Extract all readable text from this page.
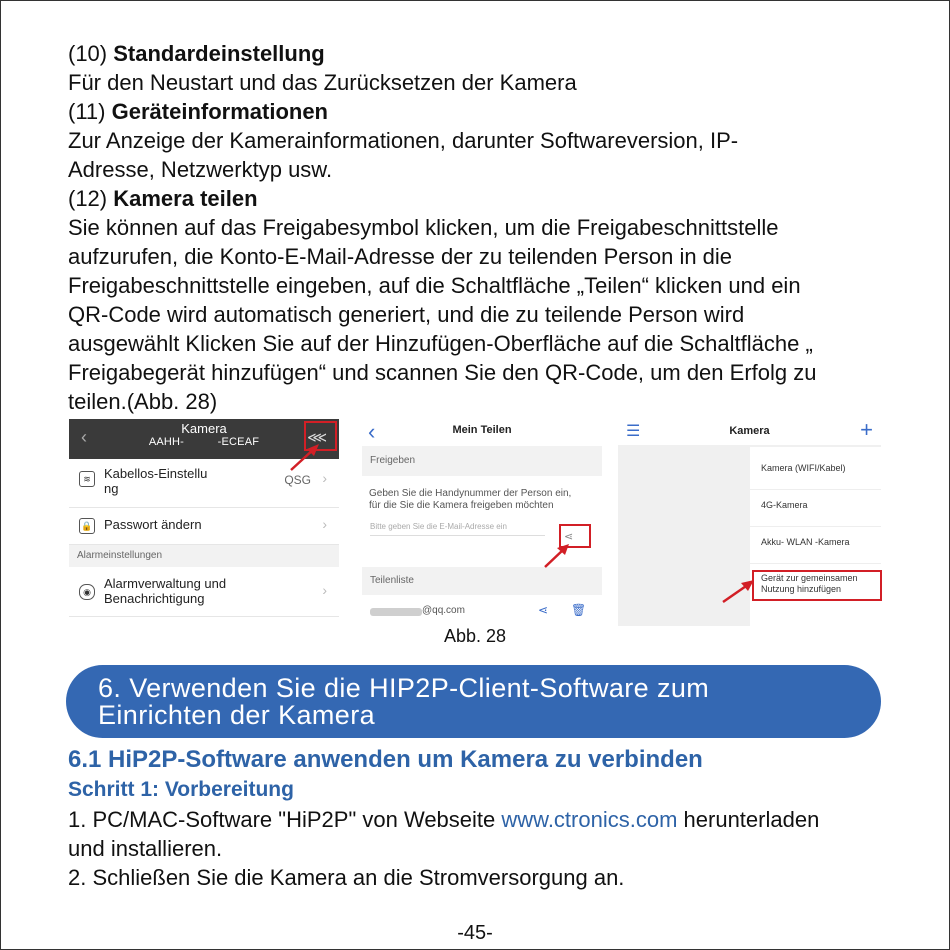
(10) Standardeinstellung
Für den Neustart und das Zurücksetzen der Kamera
(11) Geräteinformationen
Zur Anzeige der Kamerainformationen, darunter Softwareversion, IP-
Adresse, Netzwerktyp usw.
(12) Kamera teilen
Sie können auf das Freigabesymbol klicken, um die Freigabeschnittstelle
aufzurufen, die Konto-E-Mail-Adresse der zu teilenden Person in die
Freigabeschnittstelle eingeben, auf die Schaltfläche „Teilen“ klicken und ein
QR-Code wird automatisch generiert, und die zu teilende Person wird
ausgewählt Klicken Sie auf der Hinzufügen-Oberfläche auf die Schaltfläche „
Freigabegerät hinzufügen“ und scannen Sie den QR-Code, um den Erfolg zu
teilen.(Abb. 28)
‹	Kamera
AAHH-   -ECEAF	⋘
≋	Kabellos-Einstellu
ng
QSG ›
🔒 Passwort ändern	›
Alarmeinstellungen
◉
Alarmverwaltung und
Benachrichtigung
›
‹	Mein Teilen
Freigeben
Geben Sie die Handynummer der Person ein,
für die Sie die Kamera freigeben möchten
Bitte geben Sie die E-Mail-Adresse ein
⋖
Teilenliste
@qq.com	⋖ 🗑
☰	Kamera	+
Kamera (WIFI/Kabel)
4G-Kamera
Akku- WLAN -Kamera
Gerät zur gemeinsamen
Nutzung hinzufügen
Abb. 28
6. Verwenden Sie die HIP2P-Client-Software zum
Einrichten der Kamera
6.1 HiP2P-Software anwenden um Kamera zu verbinden
Schritt 1: Vorbereitung
1. PC/MAC-Software "HiP2P" von Webseite www.ctronics.com herunterladen
und installieren.
2. Schließen Sie die Kamera an die Stromversorgung an.
-45-
